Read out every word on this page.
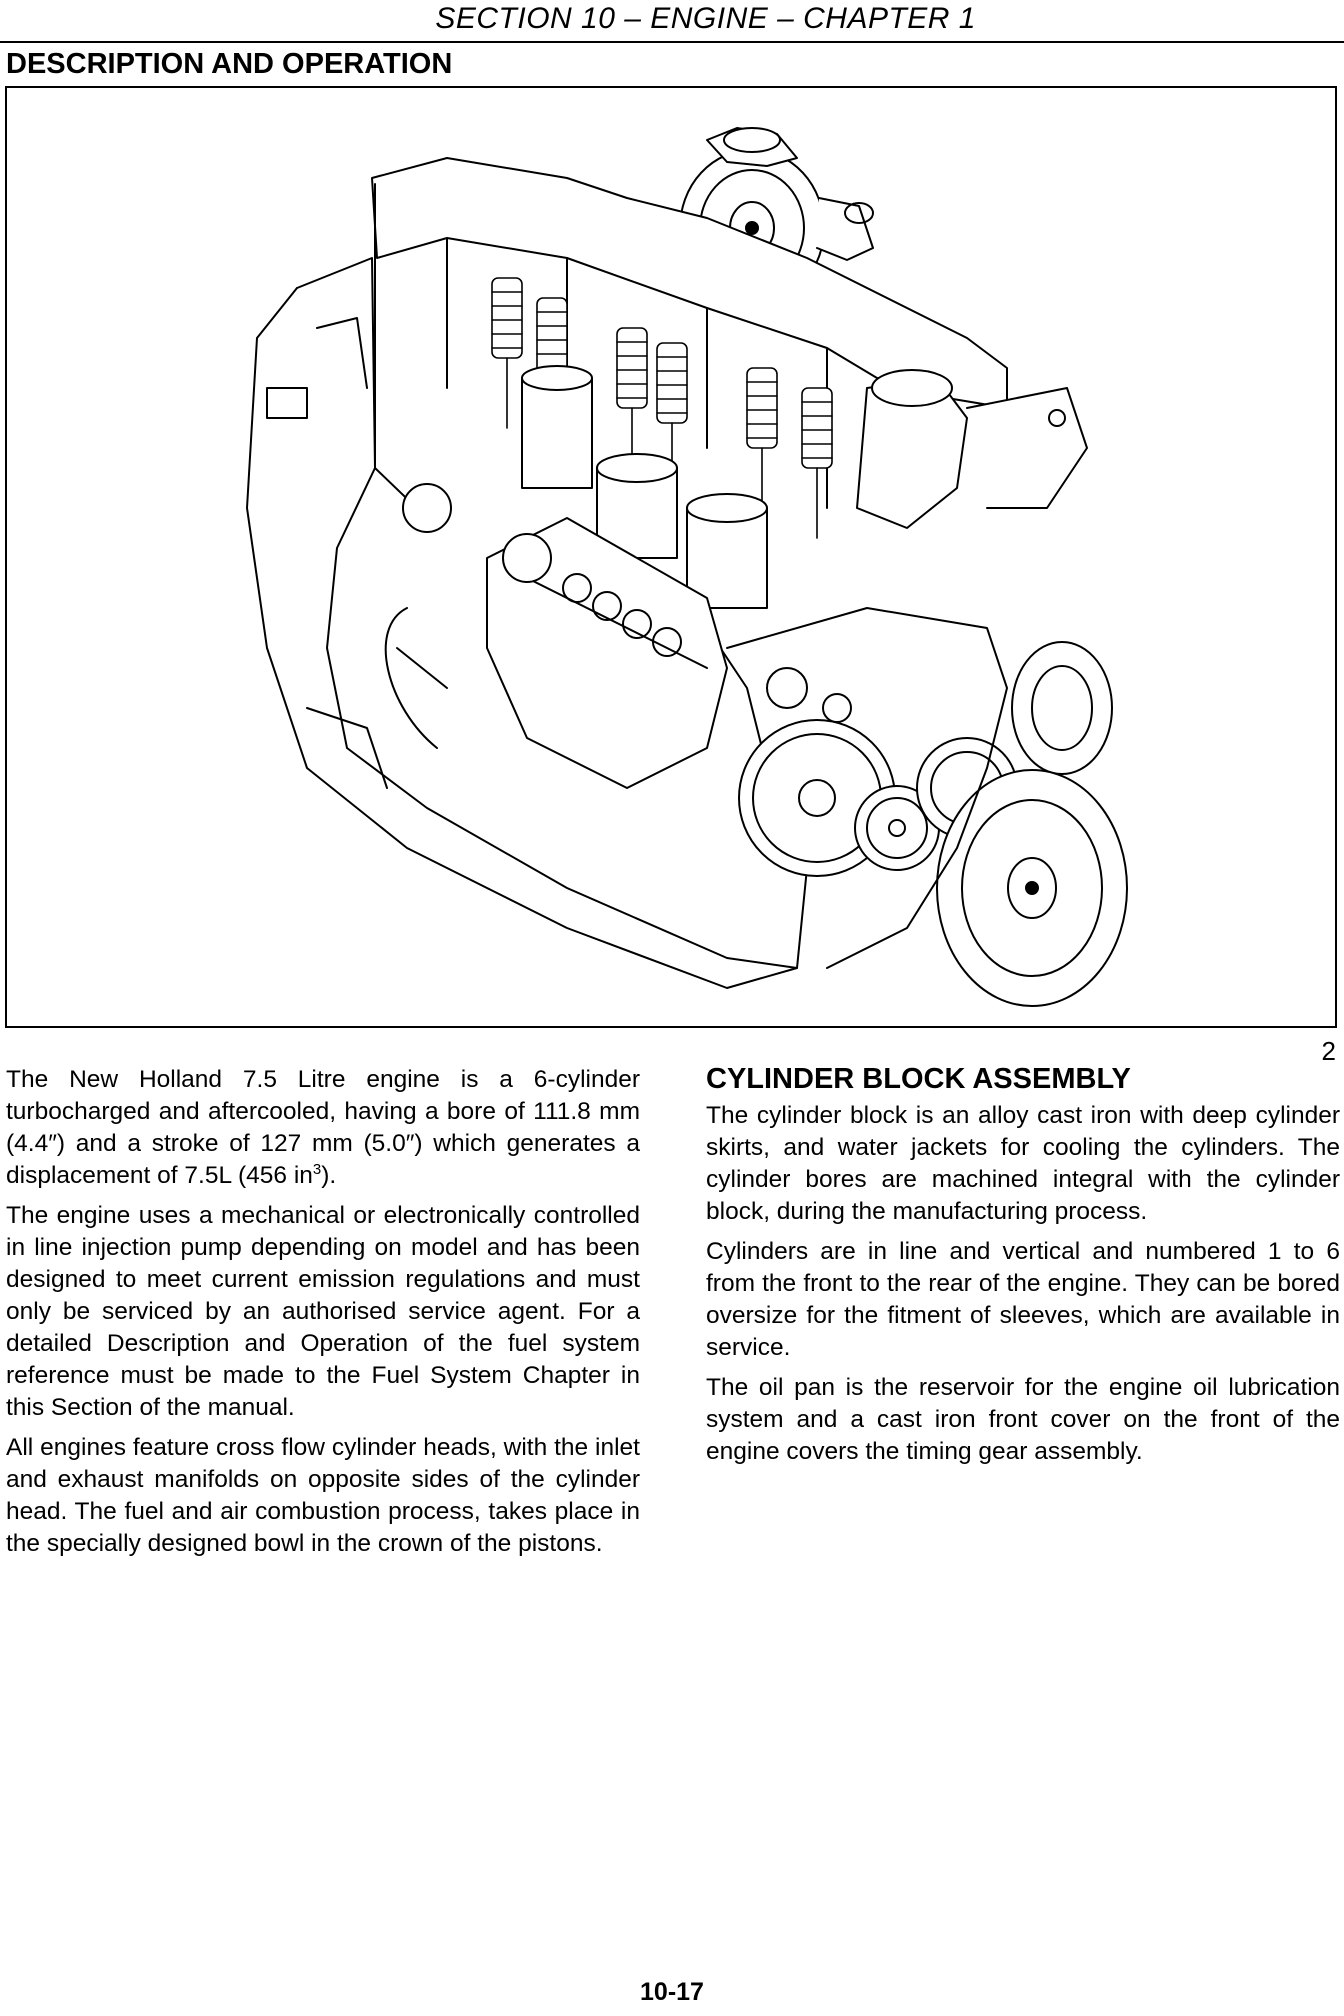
SECTION 10 – ENGINE – CHAPTER 1
DESCRIPTION AND OPERATION
2

The New Holland 7.5 Litre engine is a 6-cylinder turbocharged and aftercooled, having a bore of 111.8 mm (4.4″) and a stroke of 127 mm (5.0″) which generates a displacement of 7.5L (456 $in^3$).

The engine uses a mechanical or electronically controlled in line injection pump depending on model and has been designed to meet current emission regulations and must only be serviced by an authorised service agent. For a detailed Description and Operation of the fuel system reference must be made to the Fuel System Chapter in this Section of the manual.

All engines feature cross flow cylinder heads, with the inlet and exhaust manifolds on opposite sides of the cylinder head. The fuel and air combustion process, takes place in the specially designed bowl in the crown of the pistons.

CYLINDER BLOCK ASSEMBLY

The cylinder block is an alloy cast iron with deep cylinder skirts, and water jackets for cooling the cylinders. The cylinder bores are machined integral with the cylinder block, during the manufacturing process.

Cylinders are in line and vertical and numbered 1 to 6 from the front to the rear of the engine. They can be bored oversize for the fitment of sleeves, which are available in service.

The oil pan is the reservoir for the engine oil lubrication system and a cast iron front cover on the front of the engine covers the timing gear assembly.

10-17
